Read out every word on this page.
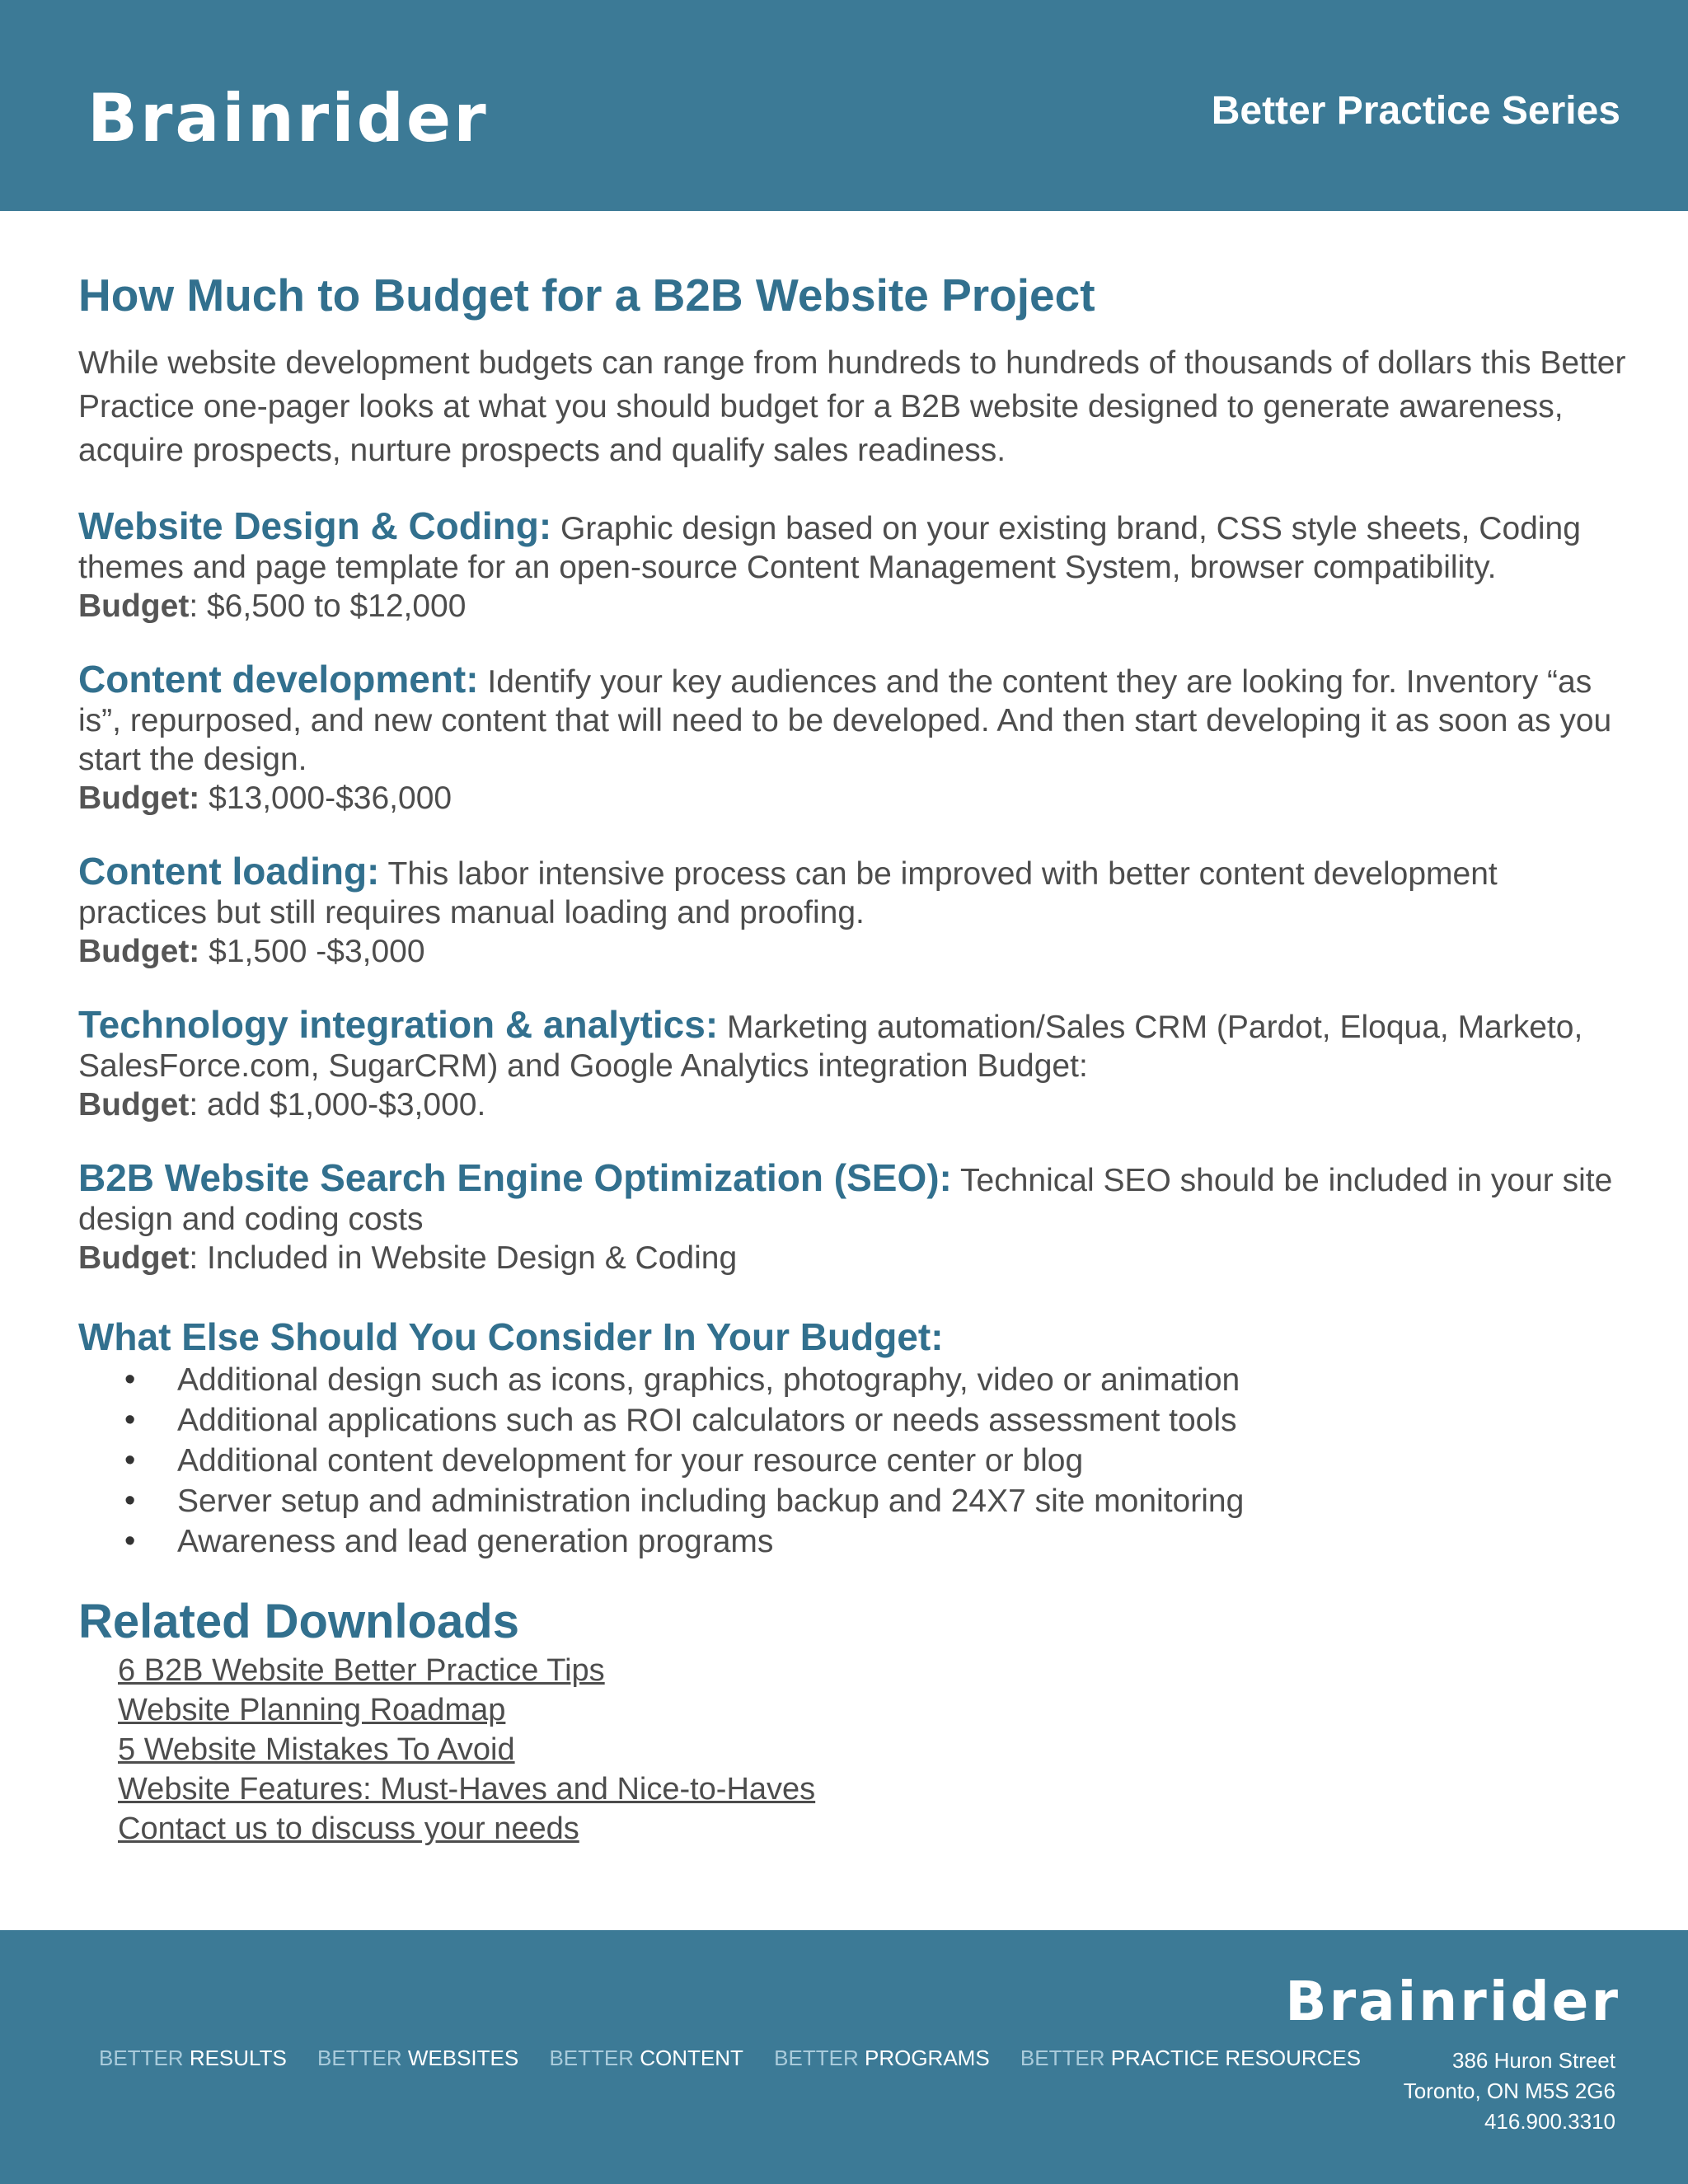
Brainrider	Better Practice Series
How Much to Budget for a B2B Website Project

While website development budgets can range from hundreds to hundreds of thousands of dollars this Better Practice one-pager looks at what you should budget for a B2B website designed to generate awareness, acquire prospects, nurture prospects and qualify sales readiness.

Website Design & Coding: Graphic design based on your existing brand, CSS style sheets, Coding themes and page template for an open-source Content Management System, browser compatibility.
Budget: $6,500 to $12,000
Content development: Identify your key audiences and the content they are looking for. Inventory “as is”, repurposed, and new content that will need to be developed. And then start developing it as soon as you start the design.
Budget: $13,000-$36,000
Content loading: This labor intensive process can be improved with better content development practices but still requires manual loading and proofing.
Budget: $1,500 -$3,000
Technology integration & analytics: Marketing automation/Sales CRM (Pardot, Eloqua, Marketo, SalesForce.com, SugarCRM) and Google Analytics integration Budget:
Budget: add $1,000-$3,000.
B2B Website Search Engine Optimization (SEO): Technical SEO should be included in your site design and coding costs
Budget: Included in Website Design & Coding
What Else Should You Consider In Your Budget:
• Additional design such as icons, graphics, photography, video or animation
• Additional applications such as ROI calculators or needs assessment tools
• Additional content development for your resource center or blog
• Server setup and administration including backup and 24X7 site monitoring
• Awareness and lead generation programs
Related Downloads
6 B2B Website Better Practice Tips
Website Planning Roadmap
5 Website Mistakes To Avoid
Website Features: Must-Haves and Nice-to-Haves
Contact us to discuss your needs
Brainrider
BETTER RESULTS BETTER WEBSITES BETTER CONTENT BETTER PROGRAMS BETTER PRACTICE RESOURCES	386 Huron Street
Toronto, ON M5S 2G6
416.900.3310
